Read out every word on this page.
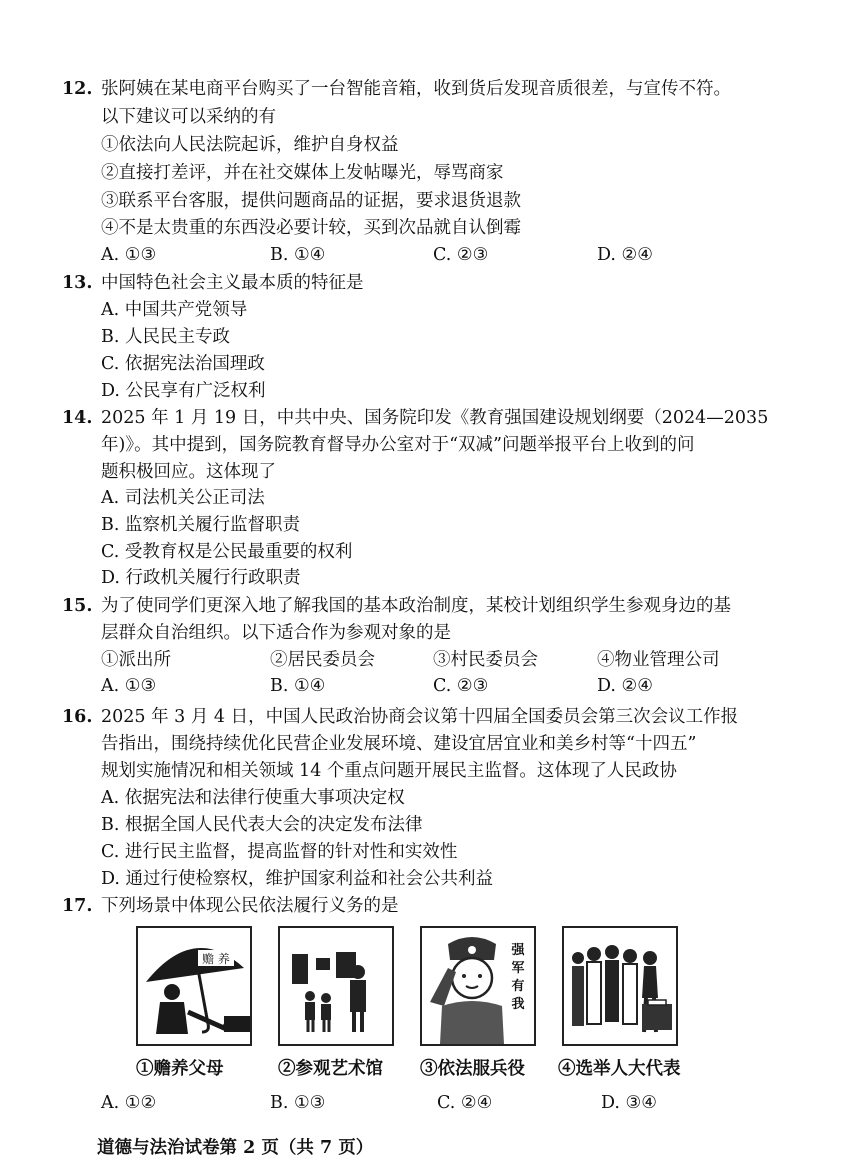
12. 张阿姨在某电商平台购买了一台智能音箱，收到货后发现音质很差，与宣传不符。
以下建议可以采纳的有
①依法向人民法院起诉，维护自身权益
②直接打差评，并在社交媒体上发帖曝光，辱骂商家
③联系平台客服，提供问题商品的证据，要求退货退款
④不是太贵重的东西没必要计较，买到次品就自认倒霉
A. ①③	B. ①④	C. ②③	D. ②④
13. 中国特色社会主义最本质的特征是
A. 中国共产党领导
B. 人民民主专政
C. 依据宪法治国理政
D. 公民享有广泛权利
14. 2025 年 1 月 19 日，中共中央、国务院印发《教育强国建设规划纲要（2024—2035
年)》。其中提到，国务院教育督导办公室对于“双减”问题举报平台上收到的问
题积极回应。这体现了
A. 司法机关公正司法
B. 监察机关履行监督职责
C. 受教育权是公民最重要的权利
D. 行政机关履行行政职责
15. 为了使同学们更深入地了解我国的基本政治制度，某校计划组织学生参观身边的基
层群众自治组织。以下适合作为参观对象的是
①派出所	②居民委员会	③村民委员会	④物业管理公司
A. ①③	B. ①④	C. ②③	D. ②④
16. 2025 年 3 月 4 日，中国人民政治协商会议第十四届全国委员会第三次会议工作报
告指出，围绕持续优化民营企业发展环境、建设宜居宜业和美乡村等“十四五”
规划实施情况和相关领域 14 个重点问题开展民主监督。这体现了人民政协
A. 依据宪法和法律行使重大事项决定权
B. 根据全国人民代表大会的决定发布法律
C. 进行民主监督，提高监督的针对性和实效性
D. 通过行使检察权，维护国家利益和社会公共利益
17. 下列场景中体现公民依法履行义务的是
赡 养
强
军
有
我
①赡养父母	②参观艺术馆 ③依法服兵役 ④选举人大代表
A. ①②	B. ①③	C. ②④	D. ③④
道德与法治试卷第 2 页（共 7 页）
